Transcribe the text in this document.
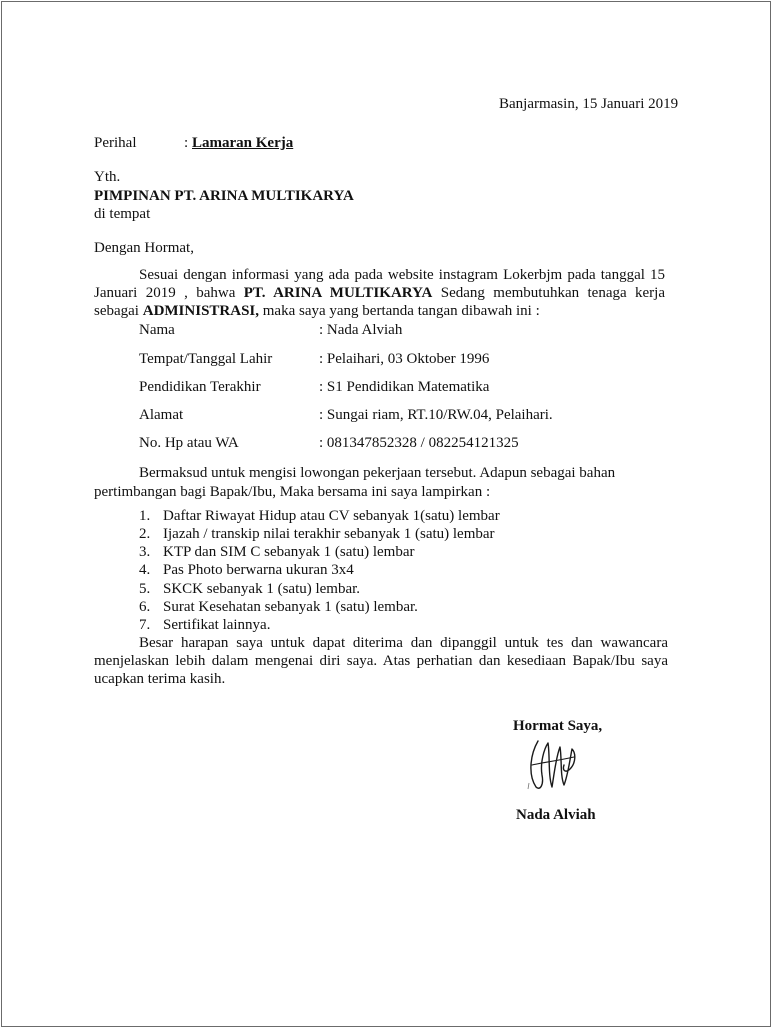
Banjarmasin, 15 Januari 2019
Perihal	: Lamaran Kerja
Yth.
PIMPINAN PT. ARINA MULTIKARYA
di tempat
Dengan Hormat,
Sesuai dengan informasi yang ada pada website instagram Lokerbjm pada tanggal 15
Januari 2019 , bahwa PT. ARINA MULTIKARYA Sedang membutuhkan tenaga kerja
sebagai ADMINISTRASI, maka saya yang bertanda tangan dibawah ini :
Nama	: Nada Alviah
Tempat/Tanggal Lahir	: Pelaihari, 03 Oktober 1996
Pendidikan Terakhir	: S1 Pendidikan Matematika
Alamat	: Sungai riam, RT.10/RW.04, Pelaihari.
No. Hp atau WA	: 081347852328 / 082254121325
Bermaksud untuk mengisi lowongan pekerjaan tersebut. Adapun sebagai bahan
pertimbangan bagi Bapak/Ibu, Maka bersama ini saya lampirkan :
1. Daftar Riwayat Hidup atau CV sebanyak 1(satu) lembar
2. Ijazah / transkip nilai terakhir sebanyak 1 (satu) lembar
3. KTP dan SIM C sebanyak 1 (satu) lembar
4. Pas Photo berwarna ukuran 3x4
5. SKCK sebanyak 1 (satu) lembar.
6. Surat Kesehatan sebanyak 1 (satu) lembar.
7. Sertifikat lainnya.
Besar harapan saya untuk dapat diterima dan dipanggil untuk tes dan wawancara
menjelaskan lebih dalam mengenai diri saya. Atas perhatian dan kesediaan Bapak/Ibu saya
ucapkan terima kasih.
Hormat Saya,
Nada Alviah
